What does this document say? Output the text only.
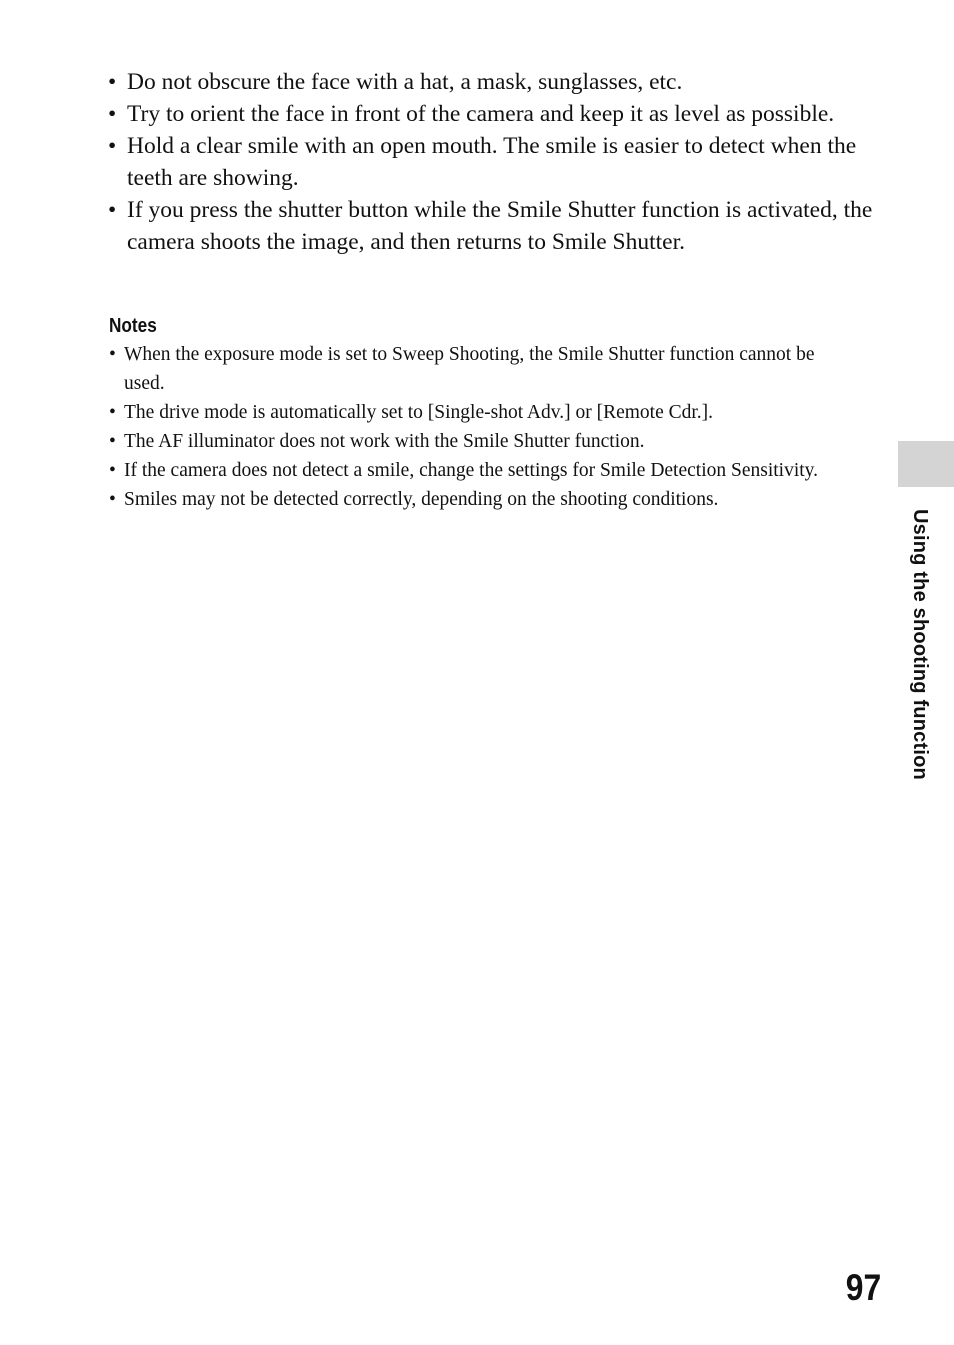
• Do not obscure the face with a hat, a mask, sunglasses, etc.
• Try to orient the face in front of the camera and keep it as level as possible.
• Hold a clear smile with an open mouth. The smile is easier to detect when the teeth are showing.
• If you press the shutter button while the Smile Shutter function is activated, the camera shoots the image, and then returns to Smile Shutter.
Notes
• When the exposure mode is set to Sweep Shooting, the Smile Shutter function cannot be used.
• The drive mode is automatically set to [Single-shot Adv.] or [Remote Cdr.].
• The AF illuminator does not work with the Smile Shutter function.
• If the camera does not detect a smile, change the settings for Smile Detection Sensitivity.
• Smiles may not be detected correctly, depending on the shooting conditions.
Using the shooting function
97
